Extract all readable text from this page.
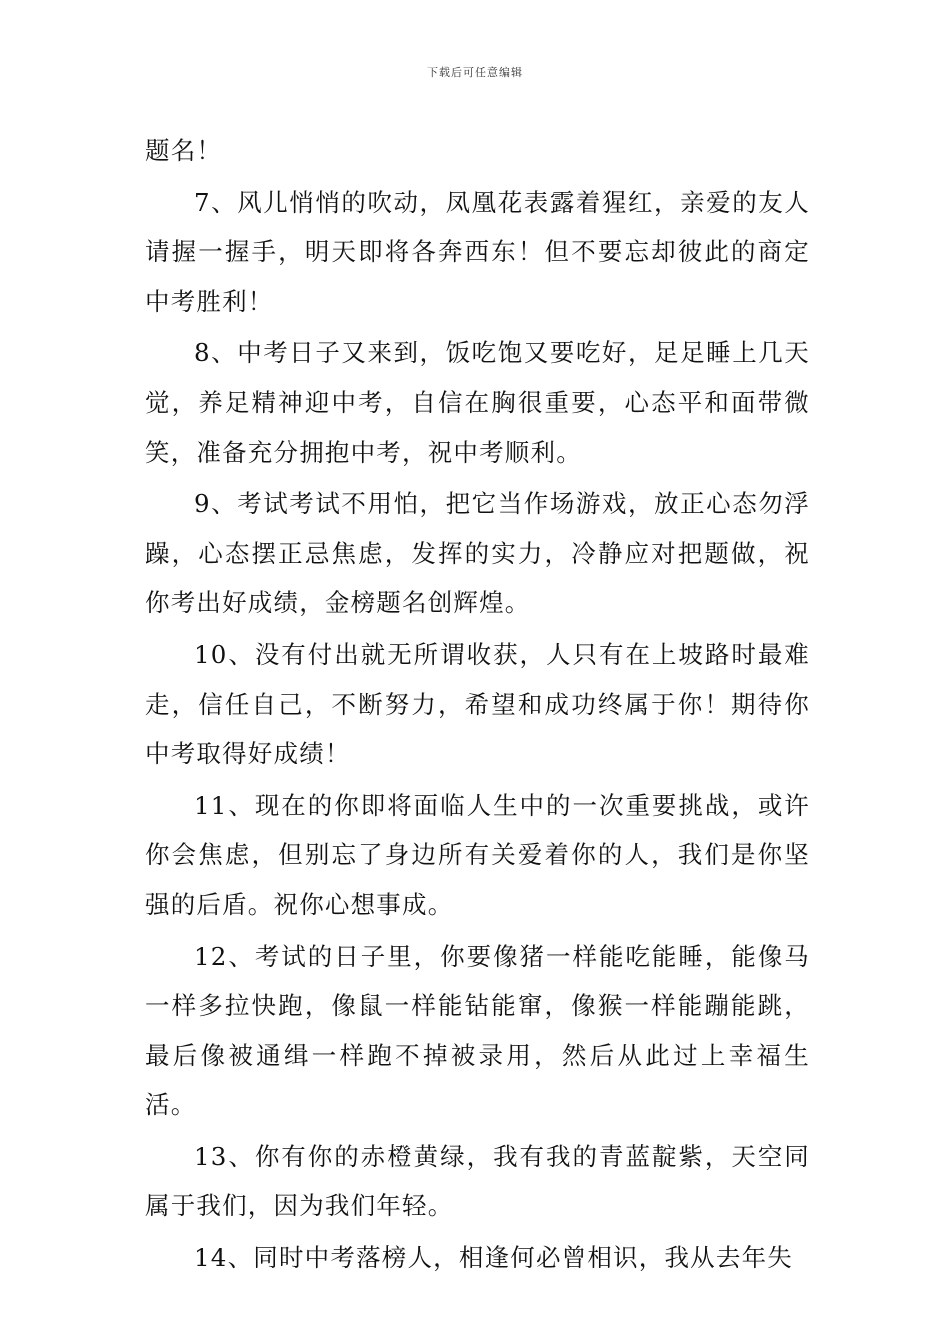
下载后可任意编辑

题名！

7、风儿悄悄的吹动，凤凰花表露着猩红，亲爱的友人请握一握手，明天即将各奔西东！但不要忘却彼此的商定中考胜利！

8、中考日子又来到，饭吃饱又要吃好，足足睡上几天觉，养足精神迎中考，自信在胸很重要，心态平和面带微笑，准备充分拥抱中考，祝中考顺利。

9、考试考试不用怕，把它当作场游戏，放正心态勿浮躁，心态摆正忌焦虑，发挥的实力，冷静应对把题做，祝你考出好成绩，金榜题名创辉煌。

10、没有付出就无所谓收获，人只有在上坡路时最难走，信任自己，不断努力，希望和成功终属于你！期待你中考取得好成绩！

11、现在的你即将面临人生中的一次重要挑战，或许你会焦虑，但别忘了身边所有关爱着你的人，我们是你坚强的后盾。祝你心想事成。

12、考试的日子里，你要像猪一样能吃能睡，能像马一样多拉快跑，像鼠一样能钻能窜，像猴一样能蹦能跳，最后像被通缉一样跑不掉被录用，然后从此过上幸福生活。

13、你有你的赤橙黄绿，我有我的青蓝靛紫，天空同属于我们，因为我们年轻。

14、同时中考落榜人，相逢何必曾相识，我从去年失
